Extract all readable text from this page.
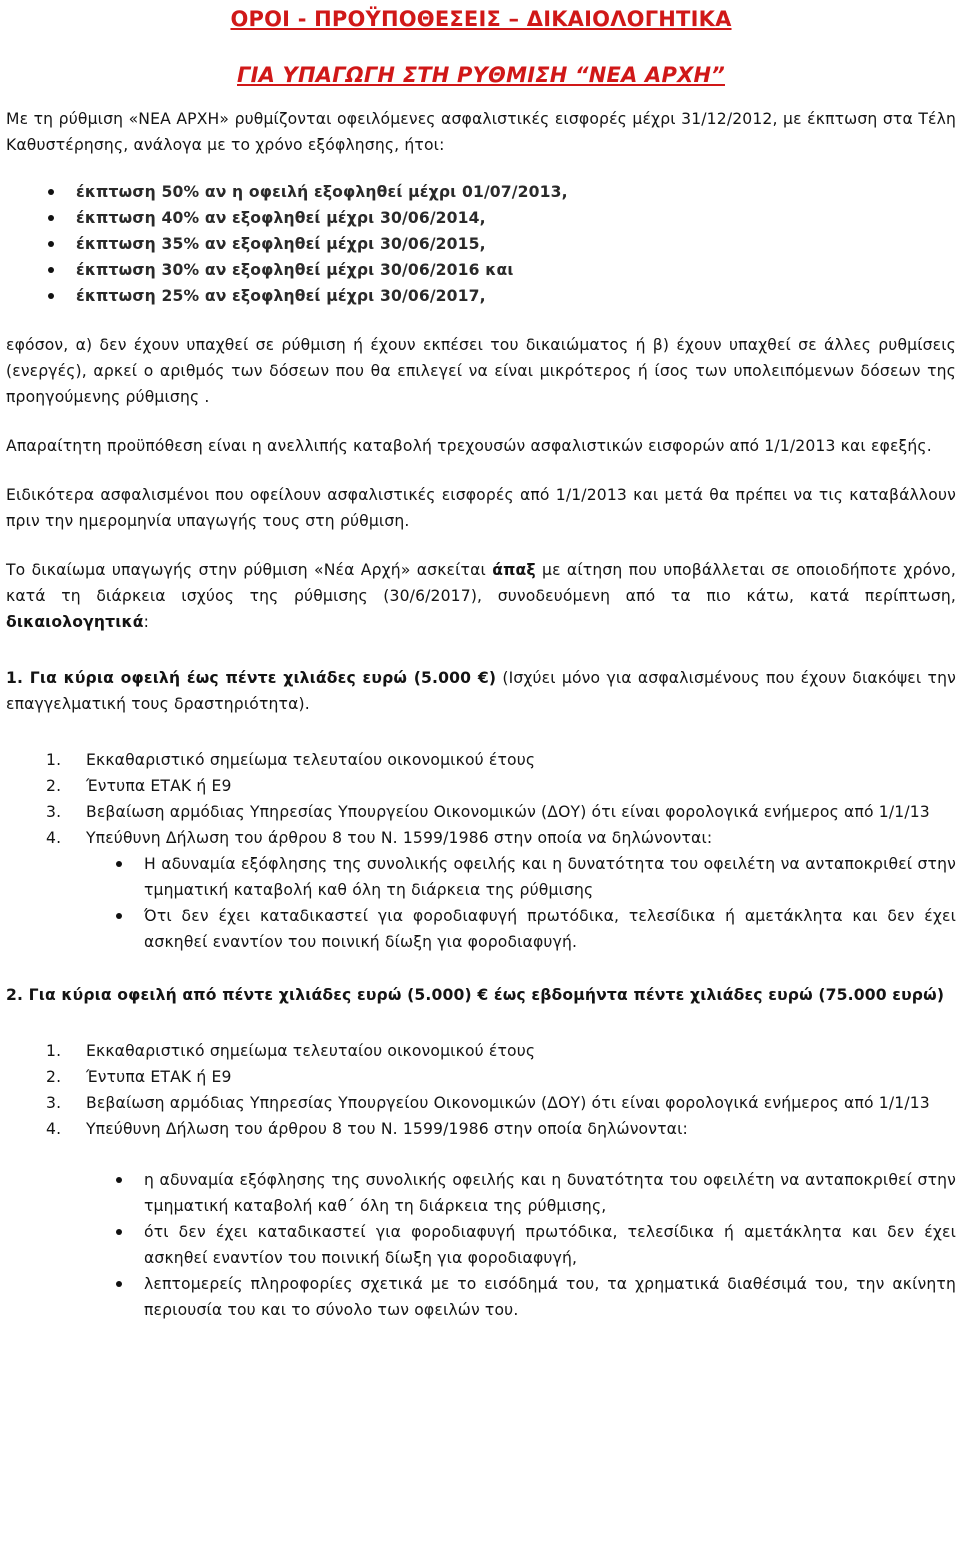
ΟΡΟΙ - ΠΡΟΫΠΟΘΕΣΕΙΣ – ΔΙΚΑΙΟΛΟΓΗΤΙΚΑ
ΓΙΑ ΥΠΑΓΩΓΗ ΣΤΗ ΡΥΘΜΙΣΗ “ΝΕΑ ΑΡΧΗ”

Με τη ρύθμιση «ΝΕΑ ΑΡΧΗ» ρυθμίζονται οφειλόμενες ασφαλιστικές εισφορές μέχρι 31/12/2012, με έκπτωση στα Τέλη Καθυστέρησης, ανάλογα με το χρόνο εξόφλησης, ήτοι:

έκπτωση 50% αν η οφειλή εξοφληθεί μέχρι 01/07/2013,
έκπτωση 40% αν εξοφληθεί μέχρι 30/06/2014,
έκπτωση 35% αν εξοφληθεί μέχρι 30/06/2015,
έκπτωση 30% αν εξοφληθεί μέχρι 30/06/2016 και
έκπτωση 25% αν εξοφληθεί μέχρι 30/06/2017,

εφόσον, α) δεν έχουν υπαχθεί σε ρύθμιση ή έχουν εκπέσει του δικαιώματος ή β) έχουν υπαχθεί σε άλλες ρυθμίσεις (ενεργές), αρκεί ο αριθμός των δόσεων που θα επιλεγεί να είναι μικρότερος ή ίσος των υπολειπόμενων δόσεων της προηγούμενης ρύθμισης .

Απαραίτητη προϋπόθεση είναι η ανελλιπής καταβολή τρεχουσών ασφαλιστικών εισφορών από 1/1/2013 και εφεξής.

Ειδικότερα ασφαλισμένοι που οφείλουν ασφαλιστικές εισφορές από 1/1/2013 και μετά θα πρέπει να τις καταβάλλουν πριν την ημερομηνία υπαγωγής τους στη ρύθμιση.

Το δικαίωμα υπαγωγής στην ρύθμιση «Νέα Αρχή» ασκείται άπαξ με αίτηση που υποβάλλεται σε οποιοδήποτε χρόνο, κατά τη διάρκεια ισχύος της ρύθμισης (30/6/2017), συνοδευόμενη από τα πιο κάτω, κατά περίπτωση, δικαιολογητικά:

1. Για κύρια οφειλή έως πέντε χιλιάδες ευρώ (5.000 €) (Ισχύει μόνο για ασφαλισμένους που έχουν διακόψει την επαγγελματική τους δραστηριότητα).

1. Εκκαθαριστικό σημείωμα τελευταίου οικονομικού έτους
2. Έντυπα ΕΤΑΚ ή Ε9
3. Βεβαίωση αρμόδιας Υπηρεσίας Υπουργείου Οικονομικών (ΔΟΥ) ότι είναι φορολογικά ενήμερος από 1/1/13
4. Υπεύθυνη Δήλωση του άρθρου 8 του Ν. 1599/1986 στην οποία να δηλώνονται:
Η αδυναμία εξόφλησης της συνολικής οφειλής και η δυνατότητα του οφειλέτη να ανταποκριθεί στην τμηματική καταβολή καθ όλη τη διάρκεια της ρύθμισης
Ότι δεν έχει καταδικαστεί για φοροδιαφυγή πρωτόδικα, τελεσίδικα ή αμετάκλητα και δεν έχει ασκηθεί εναντίον του ποινική δίωξη για φοροδιαφυγή.

2. Για κύρια οφειλή από πέντε χιλιάδες ευρώ (5.000) € έως εβδομήντα πέντε χιλιάδες ευρώ (75.000 ευρώ)

1. Εκκαθαριστικό σημείωμα τελευταίου οικονομικού έτους
2. Έντυπα ΕΤΑΚ ή Ε9
3. Βεβαίωση αρμόδιας Υπηρεσίας Υπουργείου Οικονομικών (ΔΟΥ) ότι είναι φορολογικά ενήμερος από 1/1/13
4. Υπεύθυνη Δήλωση του άρθρου 8 του Ν. 1599/1986 στην οποία δηλώνονται:
η αδυναμία εξόφλησης της συνολικής οφειλής και η δυνατότητα του οφειλέτη να ανταποκριθεί στην τμηματική καταβολή καθ΄ όλη τη διάρκεια της ρύθμισης,
ότι δεν έχει καταδικαστεί για φοροδιαφυγή πρωτόδικα, τελεσίδικα ή αμετάκλητα και δεν έχει ασκηθεί εναντίον του ποινική δίωξη για φοροδιαφυγή,
λεπτομερείς πληροφορίες σχετικά με το εισόδημά του, τα χρηματικά διαθέσιμά του, την ακίνητη περιουσία του και το σύνολο των οφειλών του.
